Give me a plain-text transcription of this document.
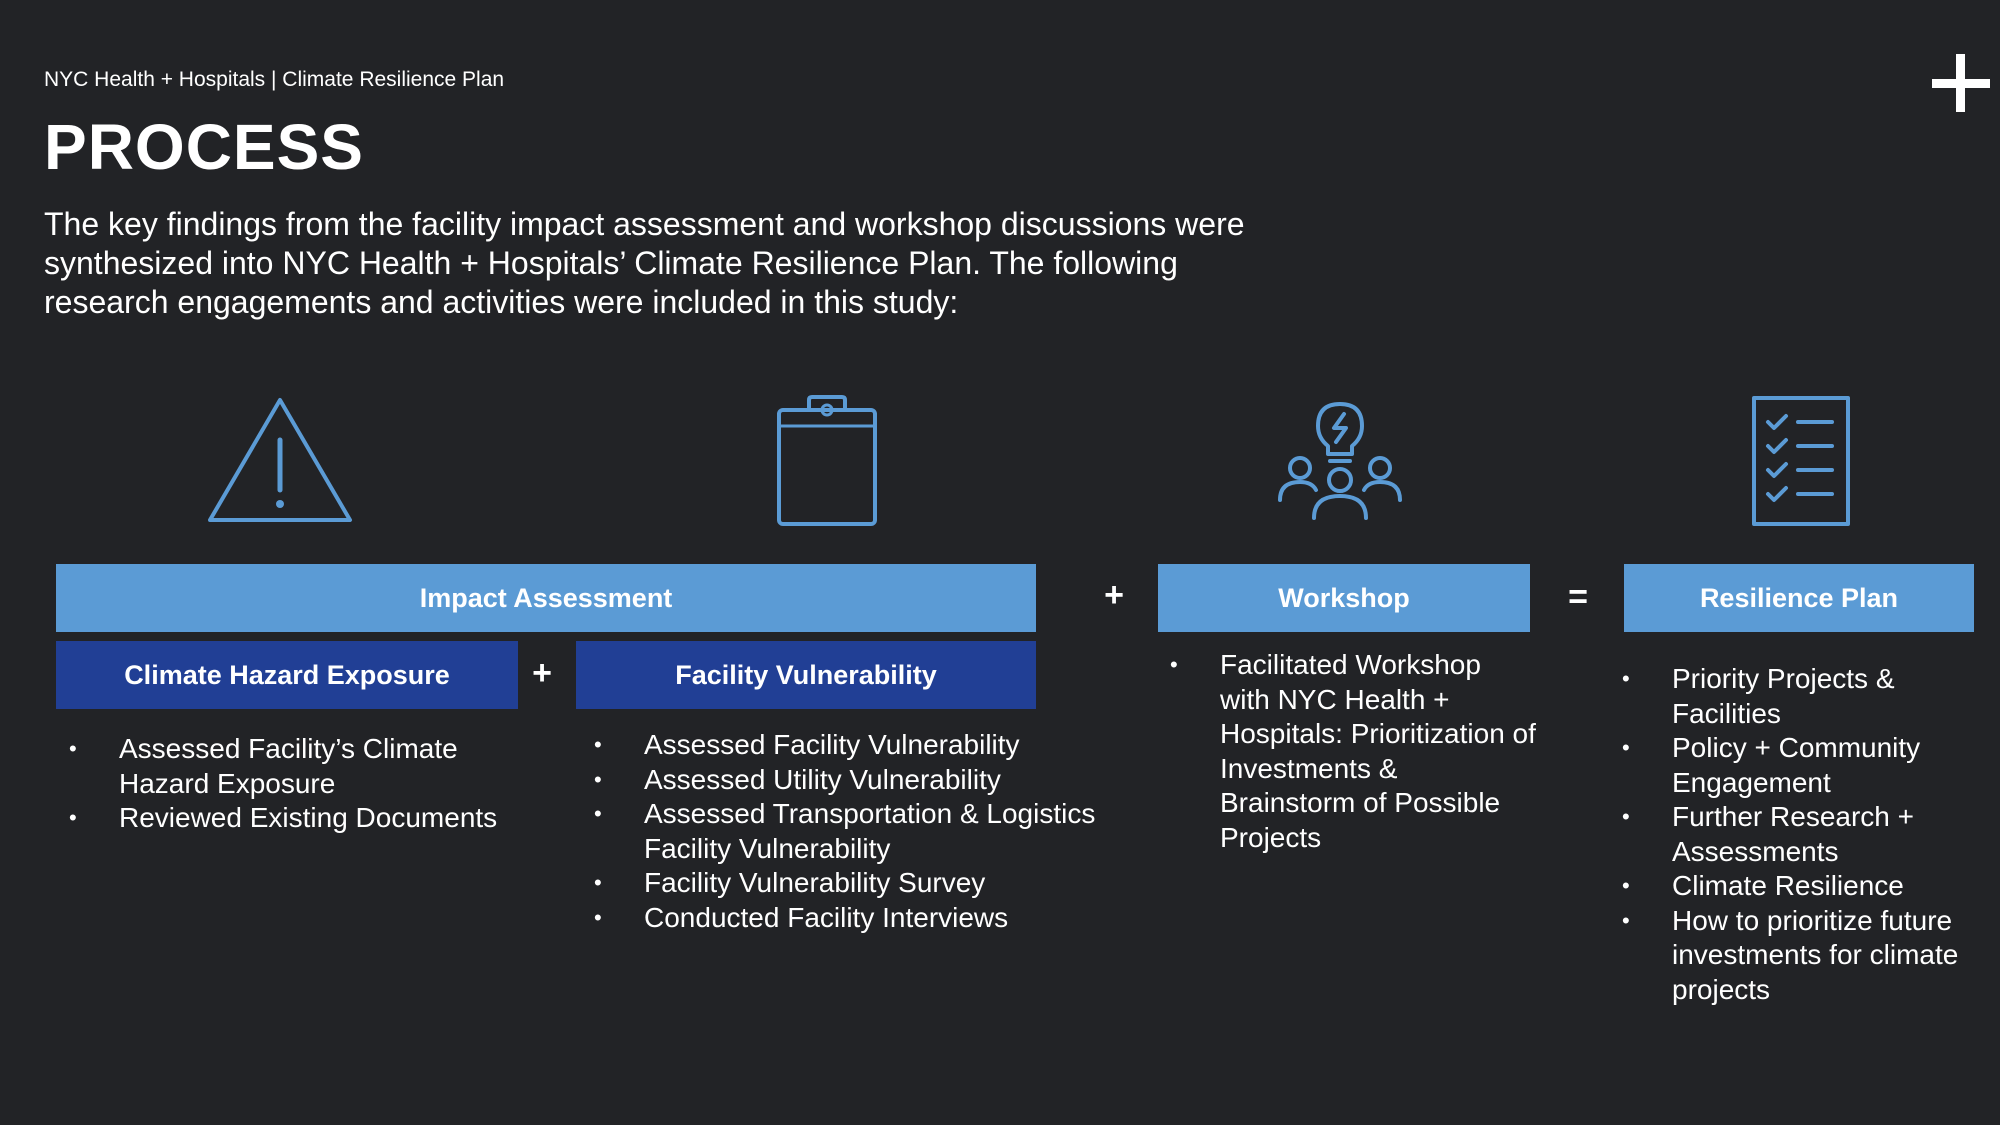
NYC Health + Hospitals | Climate Resilience Plan
PROCESS

The key findings from the facility impact assessment and workshop discussions were synthesized into NYC Health + Hospitals’ Climate Resilience Plan. The following research engagements and activities were included in this study:

Impact Assessment	+	Workshop	=	Resilience Plan
Climate Hazard Exposure	+	Facility Vulnerability
• Assessed Facility’s Climate Hazard Exposure
• Reviewed Existing Documents
• Assessed Facility Vulnerability
• Assessed Utility Vulnerability
• Assessed Transportation & Logistics Facility Vulnerability
• Facility Vulnerability Survey
• Conducted Facility Interviews
• Facilitated Workshop with NYC Health + Hospitals: Prioritization of Investments & Brainstorm of Possible Projects
• Priority Projects & Facilities
• Policy + Community Engagement
• Further Research + Assessments
• Climate Resilience
• How to prioritize future investments for climate projects
